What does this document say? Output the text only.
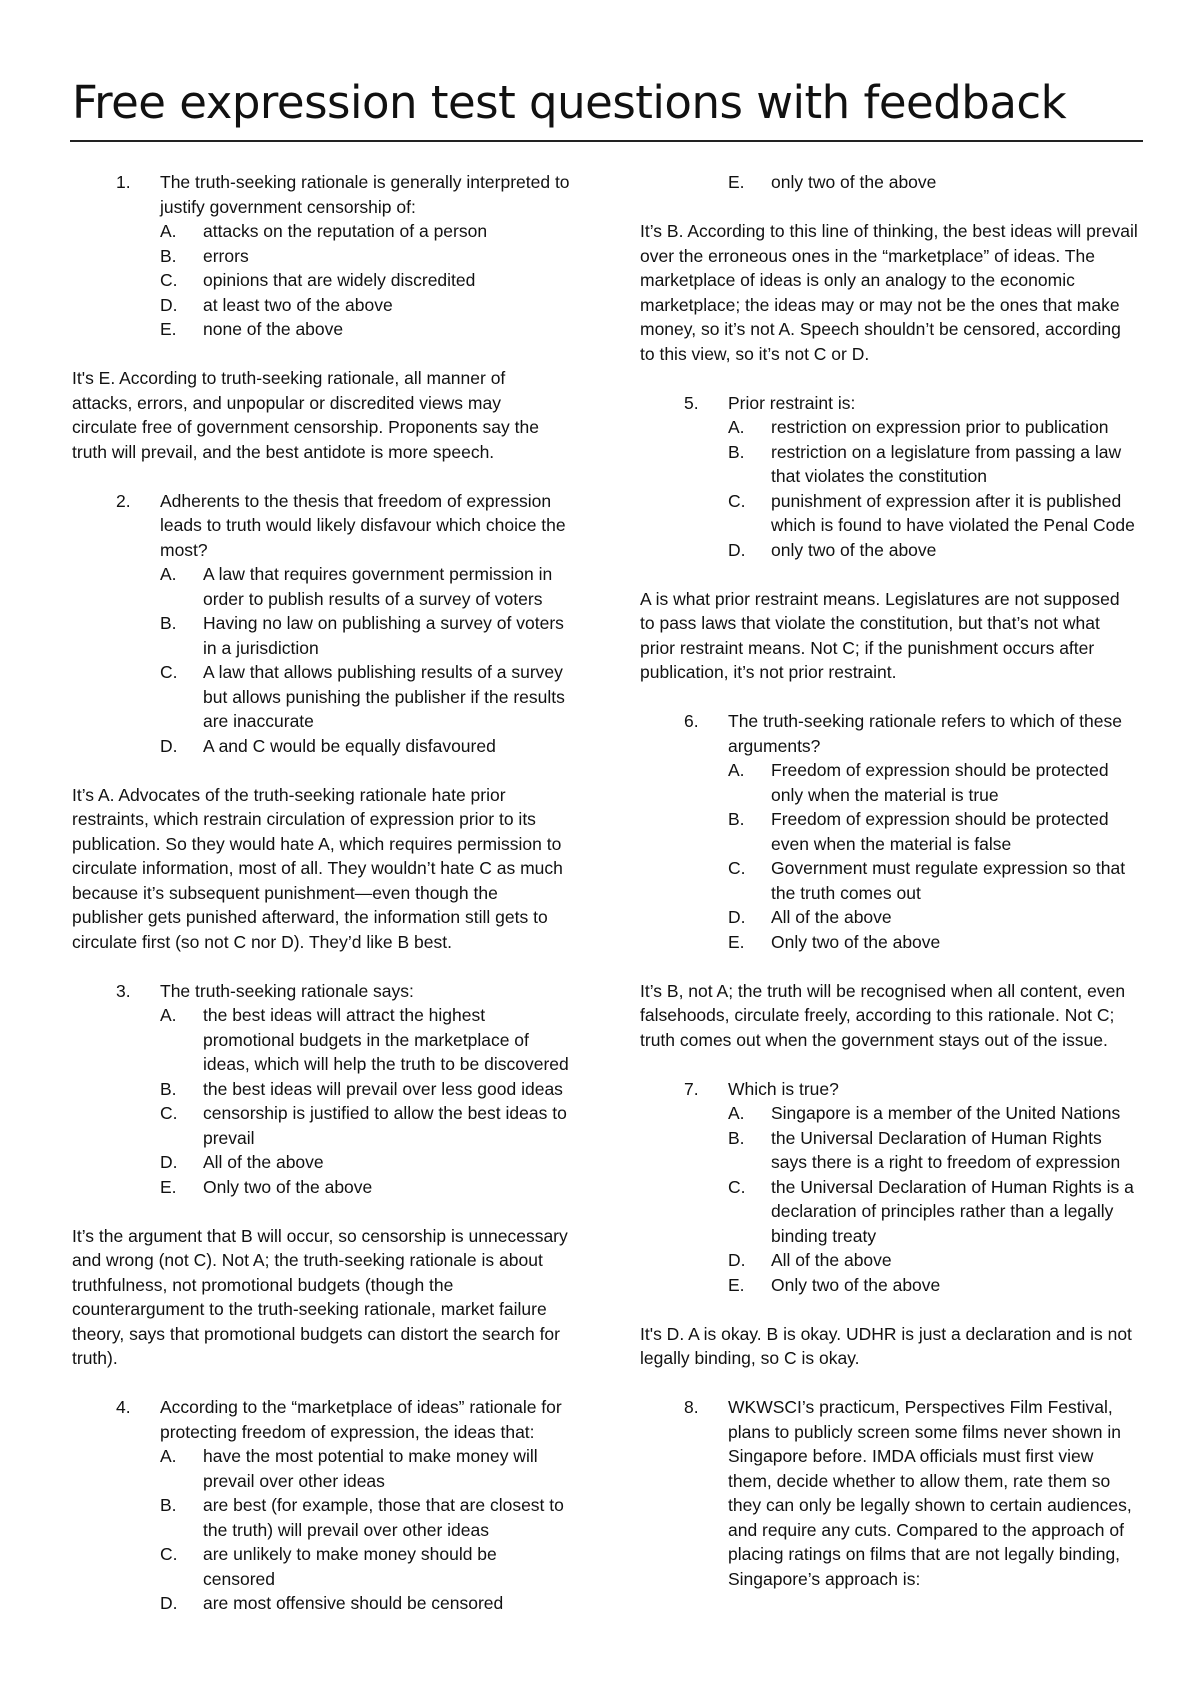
Free expression test questions with feedback
1. The truth-seeking rationale is generally interpreted to justify government censorship of:
A. attacks on the reputation of a person
B. errors
C. opinions that are widely discredited
D. at least two of the above
E. none of the above

It's E. According to truth-seeking rationale, all manner of attacks, errors, and unpopular or discredited views may circulate free of government censorship. Proponents say the truth will prevail, and the best antidote is more speech.

2. Adherents to the thesis that freedom of expression leads to truth would likely disfavour which choice the most?
A. A law that requires government permission in order to publish results of a survey of voters
B. Having no law on publishing a survey of voters in a jurisdiction
C. A law that allows publishing results of a survey but allows punishing the publisher if the results are inaccurate
D. A and C would be equally disfavoured

It’s A. Advocates of the truth-seeking rationale hate prior restraints, which restrain circulation of expression prior to its publication. So they would hate A, which requires permission to circulate information, most of all. They wouldn’t hate C as much because it’s subsequent punishment—even though the publisher gets punished afterward, the information still gets to circulate first (so not C nor D). They’d like B best.

3. The truth-seeking rationale says:
A. the best ideas will attract the highest promotional budgets in the marketplace of ideas, which will help the truth to be discovered
B. the best ideas will prevail over less good ideas
C. censorship is justified to allow the best ideas to prevail
D. All of the above
E. Only two of the above

It’s the argument that B will occur, so censorship is unnecessary and wrong (not C). Not A; the truth-seeking rationale is about truthfulness, not promotional budgets (though the counterargument to the truth-seeking rationale, market failure theory, says that promotional budgets can distort the search for truth).

4. According to the “marketplace of ideas” rationale for protecting freedom of expression, the ideas that:
A. have the most potential to make money will prevail over other ideas
B. are best (for example, those that are closest to the truth) will prevail over other ideas
C. are unlikely to make money should be censored
D. are most offensive should be censored
E. only two of the above

It’s B. According to this line of thinking, the best ideas will prevail over the erroneous ones in the “marketplace” of ideas. The marketplace of ideas is only an analogy to the economic marketplace; the ideas may or may not be the ones that make money, so it’s not A. Speech shouldn’t be censored, according to this view, so it’s not C or D.

5. Prior restraint is:
A. restriction on expression prior to publication
B. restriction on a legislature from passing a law that violates the constitution
C. punishment of expression after it is published which is found to have violated the Penal Code
D. only two of the above

A is what prior restraint means. Legislatures are not supposed to pass laws that violate the constitution, but that’s not what prior restraint means. Not C; if the punishment occurs after publication, it’s not prior restraint.

6. The truth-seeking rationale refers to which of these arguments?
A. Freedom of expression should be protected only when the material is true
B. Freedom of expression should be protected even when the material is false
C. Government must regulate expression so that the truth comes out
D. All of the above
E. Only two of the above

It’s B, not A; the truth will be recognised when all content, even falsehoods, circulate freely, according to this rationale. Not C; truth comes out when the government stays out of the issue.

7. Which is true?
A. Singapore is a member of the United Nations
B. the Universal Declaration of Human Rights says there is a right to freedom of expression
C. the Universal Declaration of Human Rights is a declaration of principles rather than a legally binding treaty
D. All of the above
E. Only two of the above

It's D. A is okay. B is okay. UDHR is just a declaration and is not legally binding, so C is okay.

8. WKWSCI’s practicum, Perspectives Film Festival, plans to publicly screen some films never shown in Singapore before. IMDA officials must first view them, decide whether to allow them, rate them so they can only be legally shown to certain audiences, and require any cuts. Compared to the approach of placing ratings on films that are not legally binding, Singapore’s approach is:
